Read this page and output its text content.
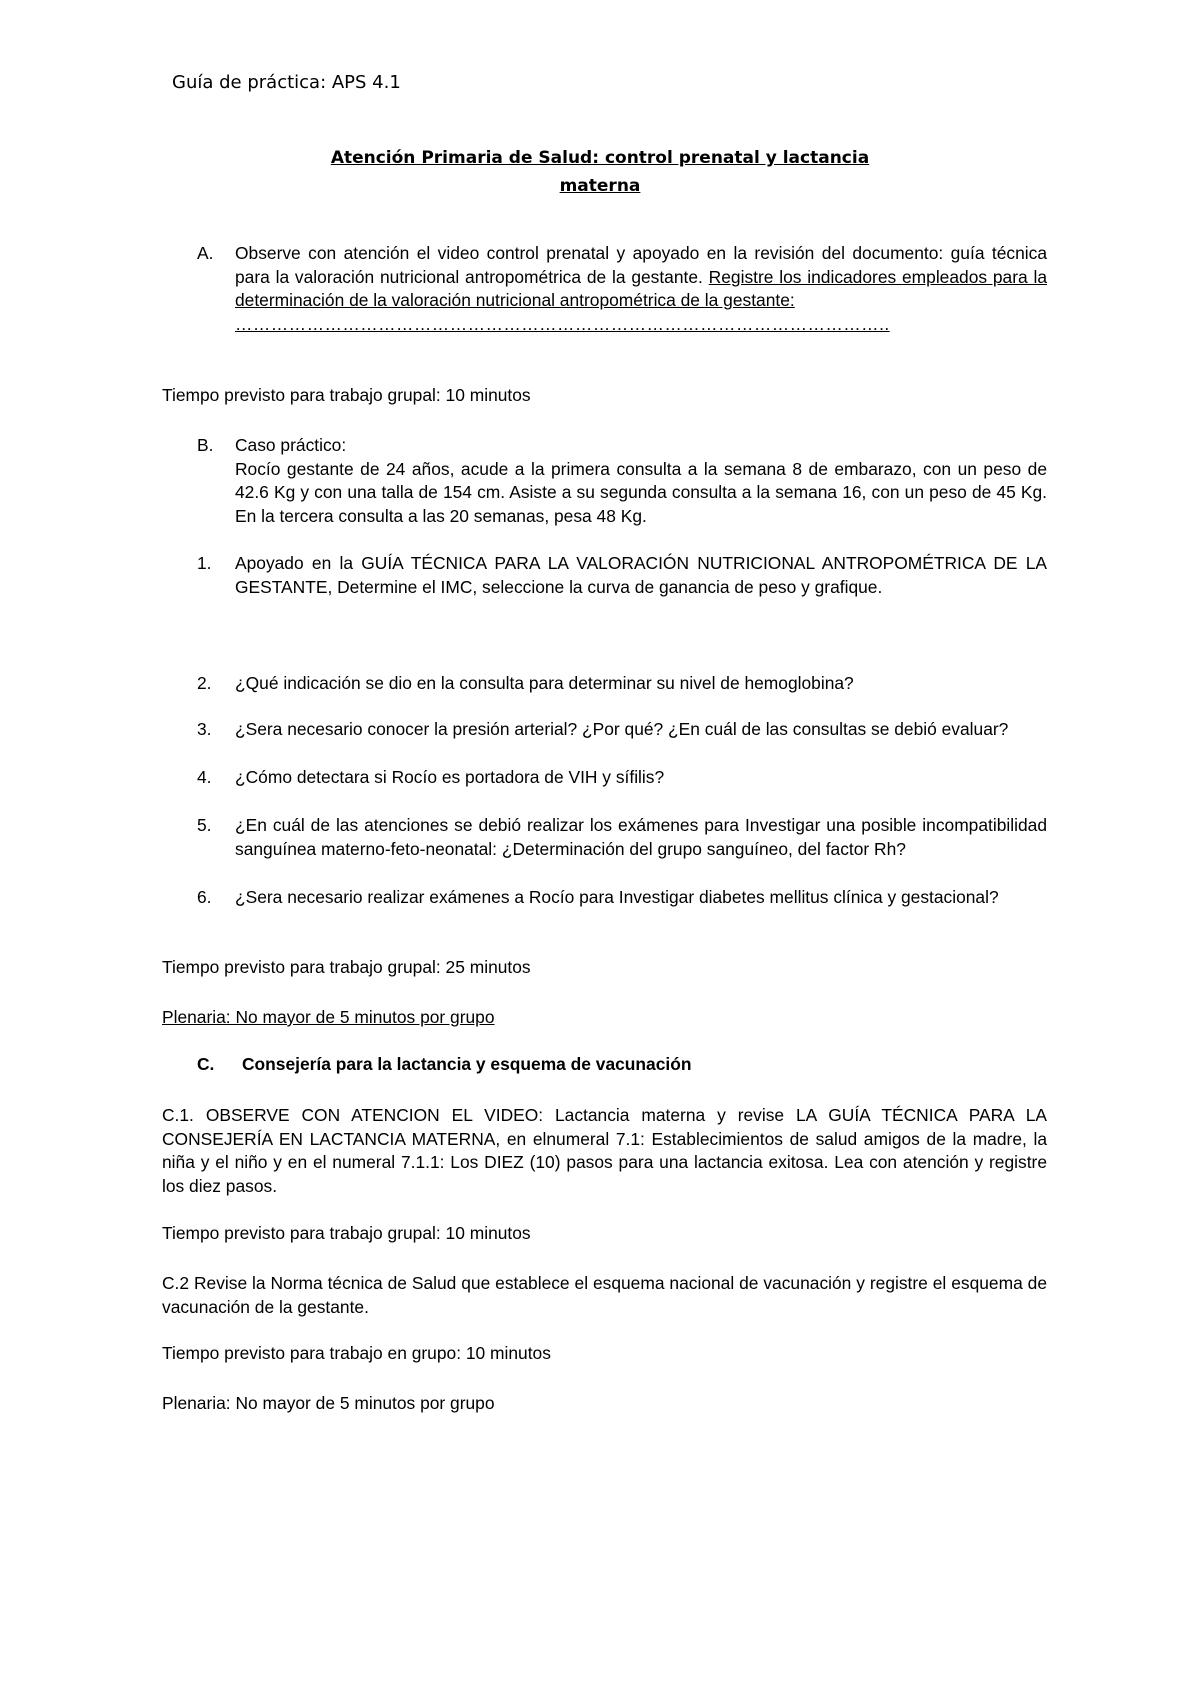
Guía de práctica: APS 4.1
Atención Primaria de Salud: control prenatal y lactancia
materna
A. Observe con atención el video control prenatal y apoyado en la revisión del documento: guía técnica para la valoración nutricional antropométrica de la gestante. Registre los indicadores empleados para la determinación de la valoración nutricional antropométrica de la gestante:
………………………………………………………………………………………………..
Tiempo previsto para trabajo grupal: 10 minutos
B. Caso práctico:
Rocío gestante de 24 años, acude a la primera consulta a la semana 8 de embarazo, con un peso de 42.6 Kg y con una talla de 154 cm. Asiste a su segunda consulta a la semana 16, con un peso de 45 Kg. En la tercera consulta a las 20 semanas, pesa 48 Kg.
1. Apoyado en la GUÍA TÉCNICA PARA LA VALORACIÓN NUTRICIONAL ANTROPOMÉTRICA DE LA GESTANTE, Determine el IMC, seleccione la curva de ganancia de peso y grafique.
2. ¿Qué indicación se dio en la consulta para determinar su nivel de hemoglobina?
3. ¿Sera necesario conocer la presión arterial? ¿Por qué? ¿En cuál de las consultas se debió evaluar?
4. ¿Cómo detectara si Rocío es portadora de VIH y sífilis?
5. ¿En cuál de las atenciones se debió realizar los exámenes para Investigar una posible incompatibilidad sanguínea materno-feto-neonatal: ¿Determinación del grupo sanguíneo, del factor Rh?
6. ¿Sera necesario realizar exámenes a Rocío para Investigar diabetes mellitus clínica y gestacional?
Tiempo previsto para trabajo grupal: 25 minutos
Plenaria: No mayor de 5 minutos por grupo
C. Consejería para la lactancia y esquema de vacunación
C.1. OBSERVE CON ATENCION EL VIDEO: Lactancia materna y revise LA GUÍA TÉCNICA PARA LA CONSEJERÍA EN LACTANCIA MATERNA, en elnumeral 7.1: Establecimientos de salud amigos de la madre, la niña y el niño y en el numeral 7.1.1: Los DIEZ (10) pasos para una lactancia exitosa. Lea con atención y registre los diez pasos.
Tiempo previsto para trabajo grupal: 10 minutos
C.2 Revise la Norma técnica de Salud que establece el esquema nacional de vacunación y registre el esquema de vacunación de la gestante.
Tiempo previsto para trabajo en grupo: 10 minutos
Plenaria: No mayor de 5 minutos por grupo
